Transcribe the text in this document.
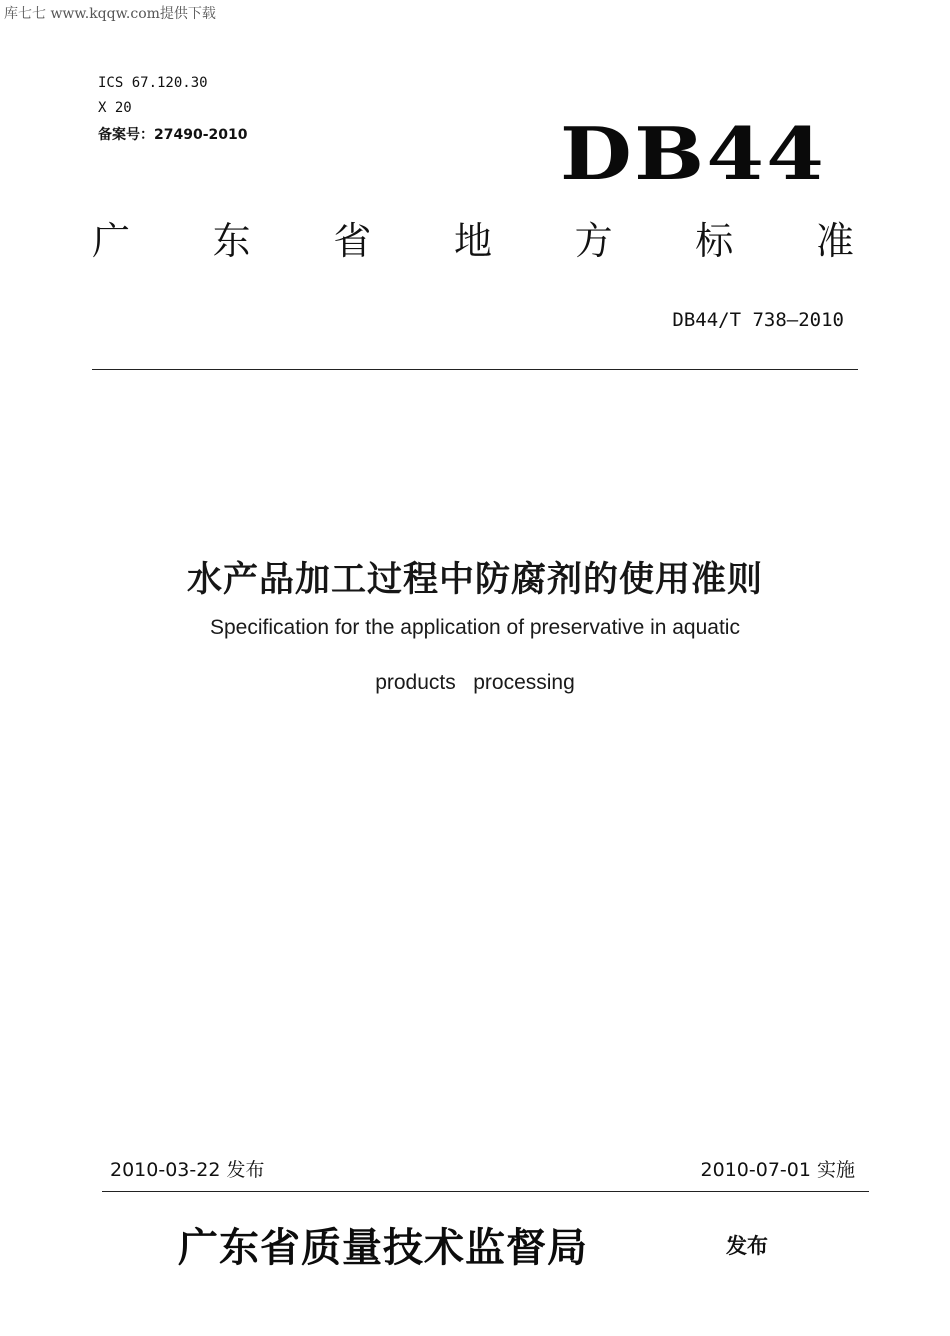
库七七 www.kqqw.com提供下载
ICS 67.120.30
X 20
备案号：27490-2010	DB44
广 东 省 地 方 标 准
DB44/T 738—2010
水产品加工过程中防腐剂的使用准则
Specification for the application of preservative in aquatic
products   processing
2010-03-22 发布	2010-07-01 实施
广东省质量技术监督局	发布
